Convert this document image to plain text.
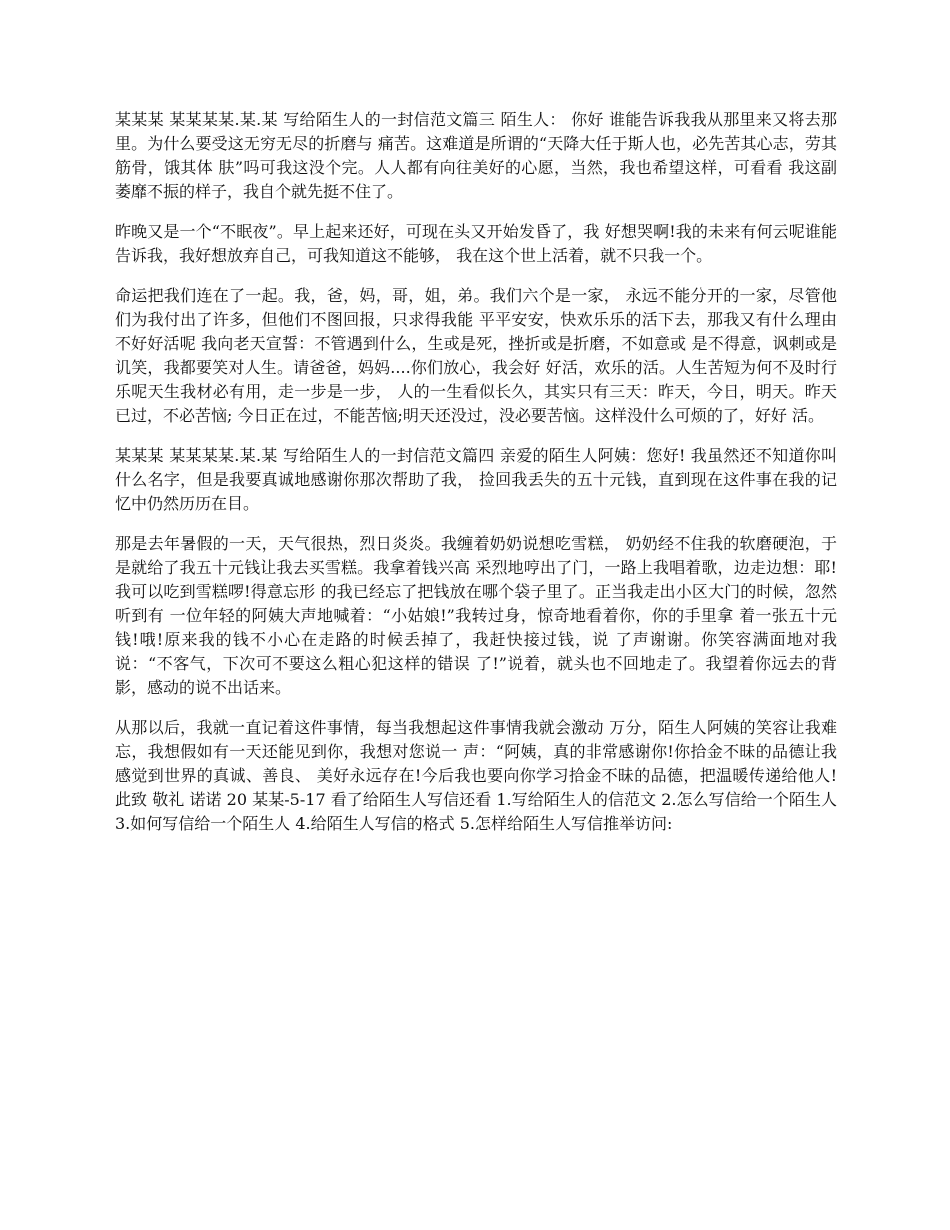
某某某 某某某某.某.某 写给陌生人的一封信范文篇三 陌生人： 你好 谁能告诉我我从那里来又将去那里。为什么要受这无穷无尽的折磨与 痛苦。这难道是所谓的“天降大任于斯人也，必先苦其心志，劳其筋骨，饿其体 肤”吗可我这没个完。人人都有向往美好的心愿，当然，我也希望这样，可看看 我这副萎靡不振的样子，我自个就先挺不住了。

昨晚又是一个“不眠夜”。早上起来还好，可现在头又开始发昏了，我 好想哭啊!我的未来有何云呢谁能告诉我，我好想放弃自己，可我知道这不能够， 我在这个世上活着，就不只我一个。

命运把我们连在了一起。我，爸，妈，哥，姐，弟。我们六个是一家， 永远不能分开的一家，尽管他们为我付出了许多，但他们不图回报，只求得我能 平平安安，快欢乐乐的活下去，那我又有什么理由不好好活呢 我向老天宣誓：不管遇到什么，生或是死，挫折或是折磨，不如意或 是不得意，讽刺或是讥笑，我都要笑对人生。请爸爸，妈妈....你们放心，我会好 好活，欢乐的活。人生苦短为何不及时行乐呢天生我材必有用，走一步是一步， 人的一生看似长久，其实只有三天：昨天，今日，明天。昨天已过，不必苦恼; 今日正在过，不能苦恼;明天还没过，没必要苦恼。这样没什么可烦的了，好好 活。

某某某 某某某某.某.某 写给陌生人的一封信范文篇四 亲爱的陌生人阿姨：您好! 我虽然还不知道你叫什么名字，但是我要真诚地感谢你那次帮助了我， 捡回我丢失的五十元钱，直到现在这件事在我的记忆中仍然历历在目。

那是去年暑假的一天，天气很热，烈日炎炎。我缠着奶奶说想吃雪糕， 奶奶经不住我的软磨硬泡，于是就给了我五十元钱让我去买雪糕。我拿着钱兴高 采烈地哼出了门，一路上我唱着歌，边走边想：耶!我可以吃到雪糕啰!得意忘形 的我已经忘了把钱放在哪个袋子里了。正当我走出小区大门的时候，忽然听到有 一位年轻的阿姨大声地喊着：“小姑娘!”我转过身，惊奇地看着你，你的手里拿 着一张五十元钱!哦!原来我的钱不小心在走路的时候丢掉了，我赶快接过钱，说 了声谢谢。你笑容满面地对我说：“不客气，下次可不要这么粗心犯这样的错误 了!”说着，就头也不回地走了。我望着你远去的背影，感动的说不出话来。

从那以后，我就一直记着这件事情，每当我想起这件事情我就会激动 万分，陌生人阿姨的笑容让我难忘，我想假如有一天还能见到你，我想对您说一 声：“阿姨，真的非常感谢你!你拾金不昧的品德让我感觉到世界的真诚、善良、 美好永远存在!今后我也要向你学习拾金不昧的品德，把温暖传递给他人! 此致 敬礼 诺诺 20 某某-5-17 看了给陌生人写信还看 1.写给陌生人的信范文 2.怎么写信给一个陌生人 3.如何写信给一个陌生人 4.给陌生人写信的格式 5.怎样给陌生人写信推举访问:
